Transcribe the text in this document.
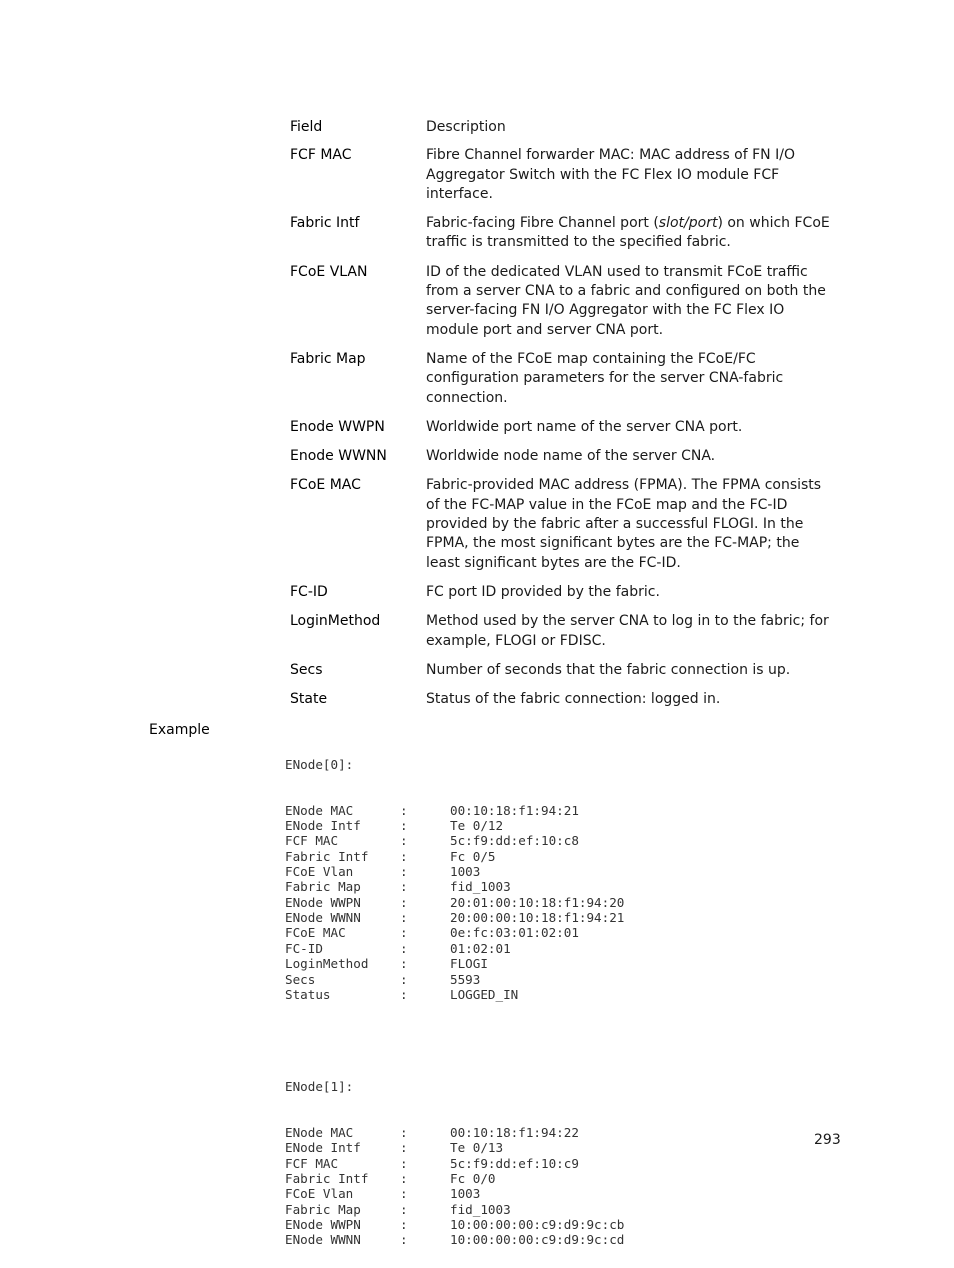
Field	Description
FCF MAC	Fibre Channel forwarder MAC: MAC address of FN I/O Aggregator Switch with the FC Flex IO module FCF interface.
Fabric Intf	Fabric-facing Fibre Channel port (slot/port) on which FCoE traffic is transmitted to the specified fabric.
FCoE VLAN	ID of the dedicated VLAN used to transmit FCoE traffic from a server CNA to a fabric and configured on both the server-facing FN I/O Aggregator with the FC Flex IO module port and server CNA port.
Fabric Map	Name of the FCoE map containing the FCoE/FC configuration parameters for the server CNA-fabric connection.
Enode WWPN	Worldwide port name of the server CNA port.
Enode WWNN	Worldwide node name of the server CNA.
FCoE MAC	Fabric-provided MAC address (FPMA). The FPMA consists of the FC-MAP value in the FCoE map and the FC-ID provided by the fabric after a successful FLOGI. In the FPMA, the most significant bytes are the FC-MAP; the least significant bytes are the FC-ID.
FC-ID	FC port ID provided by the fabric.
LoginMethod	Method used by the server CNA to log in to the fabric; for example, FLOGI or FDISC.
Secs	Number of seconds that the fabric connection is up.
State	Status of the fabric connection: logged in.
Example

ENode[0]:

ENode MAC	:	00:10:18:f1:94:21
ENode Intf	:	Te 0/12
FCF MAC	:	5c:f9:dd:ef:10:c8
Fabric Intf	:	Fc 0/5
FCoE Vlan	:	1003
Fabric Map	:	fid_1003
ENode WWPN	:	20:01:00:10:18:f1:94:20
ENode WWNN	:	20:00:00:10:18:f1:94:21
FCoE MAC	:	0e:fc:03:01:02:01
FC-ID	:	01:02:01
LoginMethod	:	FLOGI
Secs	:	5593
Status	:	LOGGED_IN

ENode[1]:

ENode MAC	:	00:10:18:f1:94:22
ENode Intf	:	Te 0/13
FCF MAC	:	5c:f9:dd:ef:10:c9
Fabric Intf	:	Fc 0/0
FCoE Vlan	:	1003
Fabric Map	:	fid_1003
ENode WWPN	:	10:00:00:00:c9:d9:9c:cb
ENode WWNN	:	10:00:00:00:c9:d9:9c:cd

293
